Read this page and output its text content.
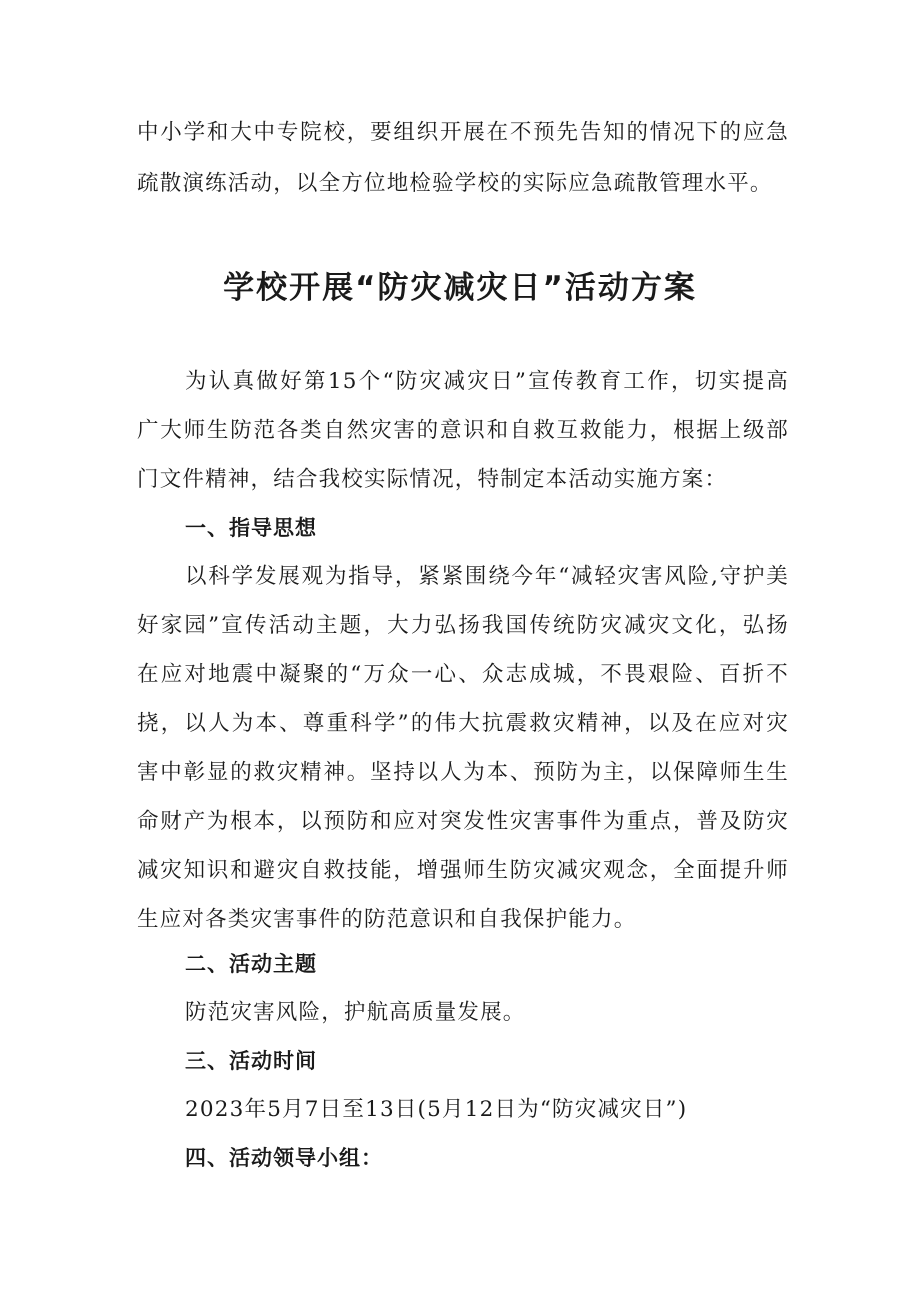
中小学和大中专院校，要组织开展在不预先告知的情况下的应急
疏散演练活动，以全方位地检验学校的实际应急疏散管理水平。
学校开展“防灾减灾日”活动方案
为认真做好第15个“防灾减灾日”宣传教育工作，切实提高
广大师生防范各类自然灾害的意识和自救互救能力，根据上级部
门文件精神，结合我校实际情况，特制定本活动实施方案：
一、指导思想
以科学发展观为指导，紧紧围绕今年“减轻灾害风险,守护美
好家园”宣传活动主题，大力弘扬我国传统防灾减灾文化，弘扬
在应对地震中凝聚的“万众一心、众志成城，不畏艰险、百折不
挠，以人为本、尊重科学”的伟大抗震救灾精神，以及在应对灾
害中彰显的救灾精神。坚持以人为本、预防为主，以保障师生生
命财产为根本，以预防和应对突发性灾害事件为重点，普及防灾
减灾知识和避灾自救技能，增强师生防灾减灾观念，全面提升师
生应对各类灾害事件的防范意识和自我保护能力。
二、活动主题
防范灾害风险，护航高质量发展。
三、活动时间
2023年5月7日至13日(5月12日为“防灾减灾日”)
四、活动领导小组：
